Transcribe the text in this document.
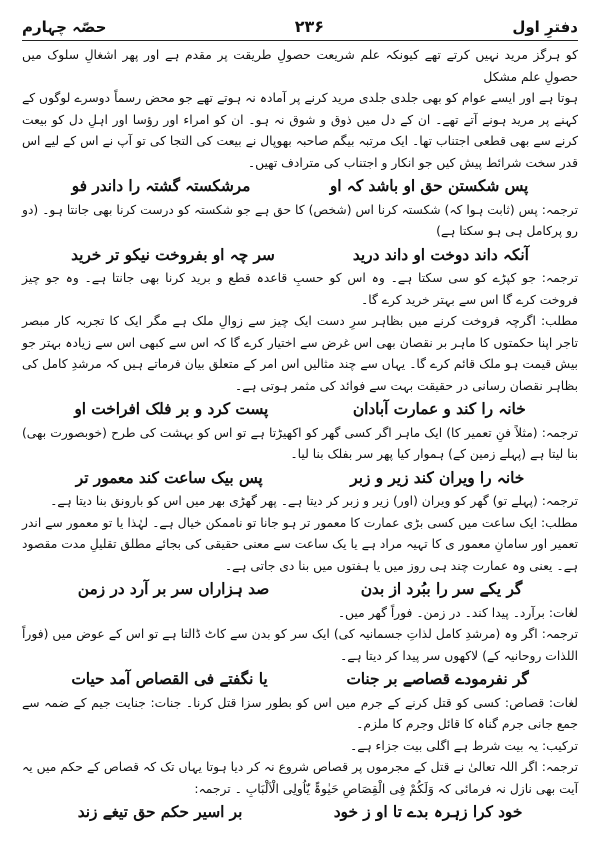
دفترِ اول
۲۳۶
حصّہ چہارم

کو ہرگز مرید نہیں کرتے تھے کیونکہ علم شریعت حصولِ طریقت پر مقدم ہے اور پھر اشغالِ سلوک میں حصولِ علم مشکل

ہوتا ہے اور ایسے عوام کو بھی جلدی جلدی مرید کرنے پر آمادہ نہ ہوتے تھے جو محض رسماً دوسرے لوگوں کے کہنے پر مرید ہونے آتے تھے۔ ان کے دل میں ذوق و شوق نہ ہو۔ ان کو امراء اور رؤسا اور اہلِ دل کو بیعت کرنے سے بھی قطعی اجتناب تھا۔ ایک مرتبہ بیگم صاحبہ بھوپال نے بیعت کی التجا کی تو آپ نے اس کے لیے اس قدر سخت شرائط پیش کیں جو انکار و اجتناب کی مترادف تھیں۔

پس شکستن حق او باشد کہ او
مرشکستہ گشتہ را داندر فو

ترجمہ: پس (ثابت ہوا کہ) شکستہ کرنا اس (شخص) کا حق ہے جو شکستہ کو درست کرنا بھی جانتا ہو۔ (دو رو پرکامل ہی ہو سکتا ہے)

آنکہ داند دوخت او داند درید
سر چہ او بفروخت نیکو تر خرید

ترجمہ: جو کپڑے کو سی سکتا ہے۔ وہ اس کو حسبِ قاعدہ قطع و برید کرنا بھی جانتا ہے۔ وہ جو چیز فروخت کرے گا اس سے بہتر خرید کرے گا۔

مطلب: اگرچہ فروخت کرنے میں بظاہر سرِ دست ایک چیز سے زوالِ ملک ہے مگر ایک کا تجربہ کار مبصر تاجر اپنا حکمتوں کا ماہر بر نقصان بھی اس غرض سے اختیار کرے گا کہ اس سے کبھی اس سے زیادہ بہتر جو بیش قیمت ہو ملک قائم کرے گا۔ یہاں سے چند مثالیں اس امر کے متعلق بیان فرماتے ہیں کہ مرشدِ کامل کی بظاہر نقصان رسانی در حقیقت بہت سے فوائد کی مثمر ہوتی ہے۔

خانہ را کند و عمارت آبادان
پست کرد و بر فلک افراخت او

ترجمہ: (مثلاً فنِ تعمیر کا) ایک ماہر اگر کسی گھر کو اکھیڑتا ہے تو اس کو بہشت کی طرح (خوبصورت بھی) بنا لیتا ہے (پہلے زمین کے) ہموار کیا پھر سر بفلک بنا لیا۔

خانہ را ویران کند زیر و زبر
پس بیک ساعت کند معمور تر

ترجمہ: (پہلے تو) گھر کو ویران (اور) زیر و زبر کر دیتا ہے۔ پھر گھڑی بھر میں اس کو بارونق بنا دیتا ہے۔

مطلب: ایک ساعت میں کسی بڑی عمارت کا معمور تر ہو جانا تو ناممکن خیال ہے۔ لہٰذا یا تو معمور سے اندر تعمیر اور سامانِ معمور ی کا تہیہ مراد ہے یا یک ساعت سے معنی حقیقی کی بجائے مطلق تقلیلِ مدت مقصود ہے۔ یعنی وہ عمارت چند ہی روز میں یا ہفتوں میں بنا دی جاتی ہے۔

گر یکے سر را ببُرد از بدن
صد ہزاراں سر بر آرد در زمن

لغات: برآرد۔ پیدا کند۔ در زمن۔ فوراً گھر میں۔

ترجمہ: اگر وہ (مرشدِ کامل لذاتِ جسمانیہ کی) ایک سر کو بدن سے کاٹ ڈالتا ہے تو اس کے عوض میں (فوراً اللذات روحانیہ کے) لاکھوں سر پیدا کر دیتا ہے۔

گر نفرمودے قصاصے بر جنات
یا نگفتے فی القصاص آمد حیات

لغات: قصاص: کسی کو قتل کرنے کے جرم میں اس کو بطور سزا قتل کرنا۔ جنات: جنایت جیم کے ضمہ سے جمع جانی جرم گناہ کا قائل وجرم کا ملزم۔

ترکیب: یہ بیت شرط ہے اگلی بیت جزاء ہے۔

ترجمہ: اگر اللہ تعالیٰ نے قتل کے مجرموں پر قصاص شروع نہ کر دیا ہوتا یہاں تک کہ قصاص کے حکم میں یہ آیت بھی نازل نہ فرمائی کہ وَلَکُمْ فِی الْقِصَاصِ حَیٰوۃٌ یّٰاُولِی الْاَلْبَابِ ۔ ترجمہ:

خود کرا زہرہ بدے تا او ز خود
بر اسیر حکم حق تیغے زند
